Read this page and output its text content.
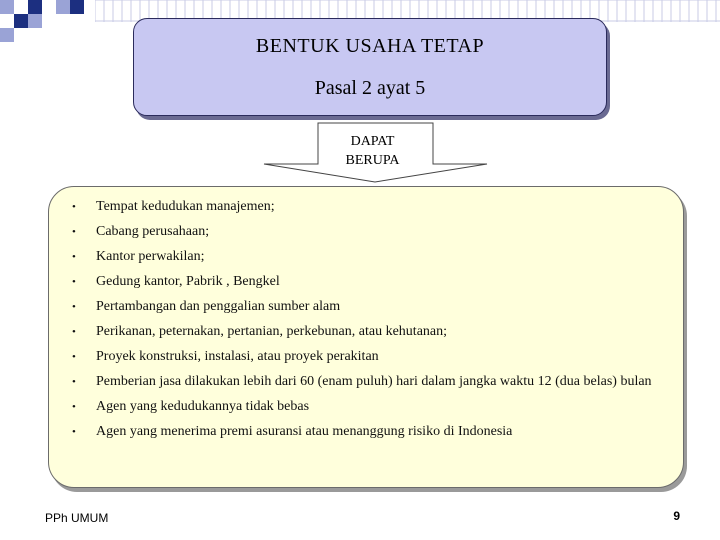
BENTUK USAHA TETAP
Pasal 2 ayat 5
DAPAT
BERUPA
• Tempat kedudukan manajemen;
• Cabang perusahaan;
• Kantor perwakilan;
• Gedung kantor, Pabrik , Bengkel
• Pertambangan dan penggalian sumber alam
• Perikanan, peternakan, pertanian, perkebunan, atau kehutanan;
• Proyek konstruksi, instalasi, atau proyek perakitan
• Pemberian jasa dilakukan lebih dari 60 (enam puluh) hari dalam jangka waktu 12 (dua belas) bulan
• Agen yang kedudukannya tidak bebas
• Agen yang menerima premi asuransi atau menanggung risiko di Indonesia
PPh UMUM	9
